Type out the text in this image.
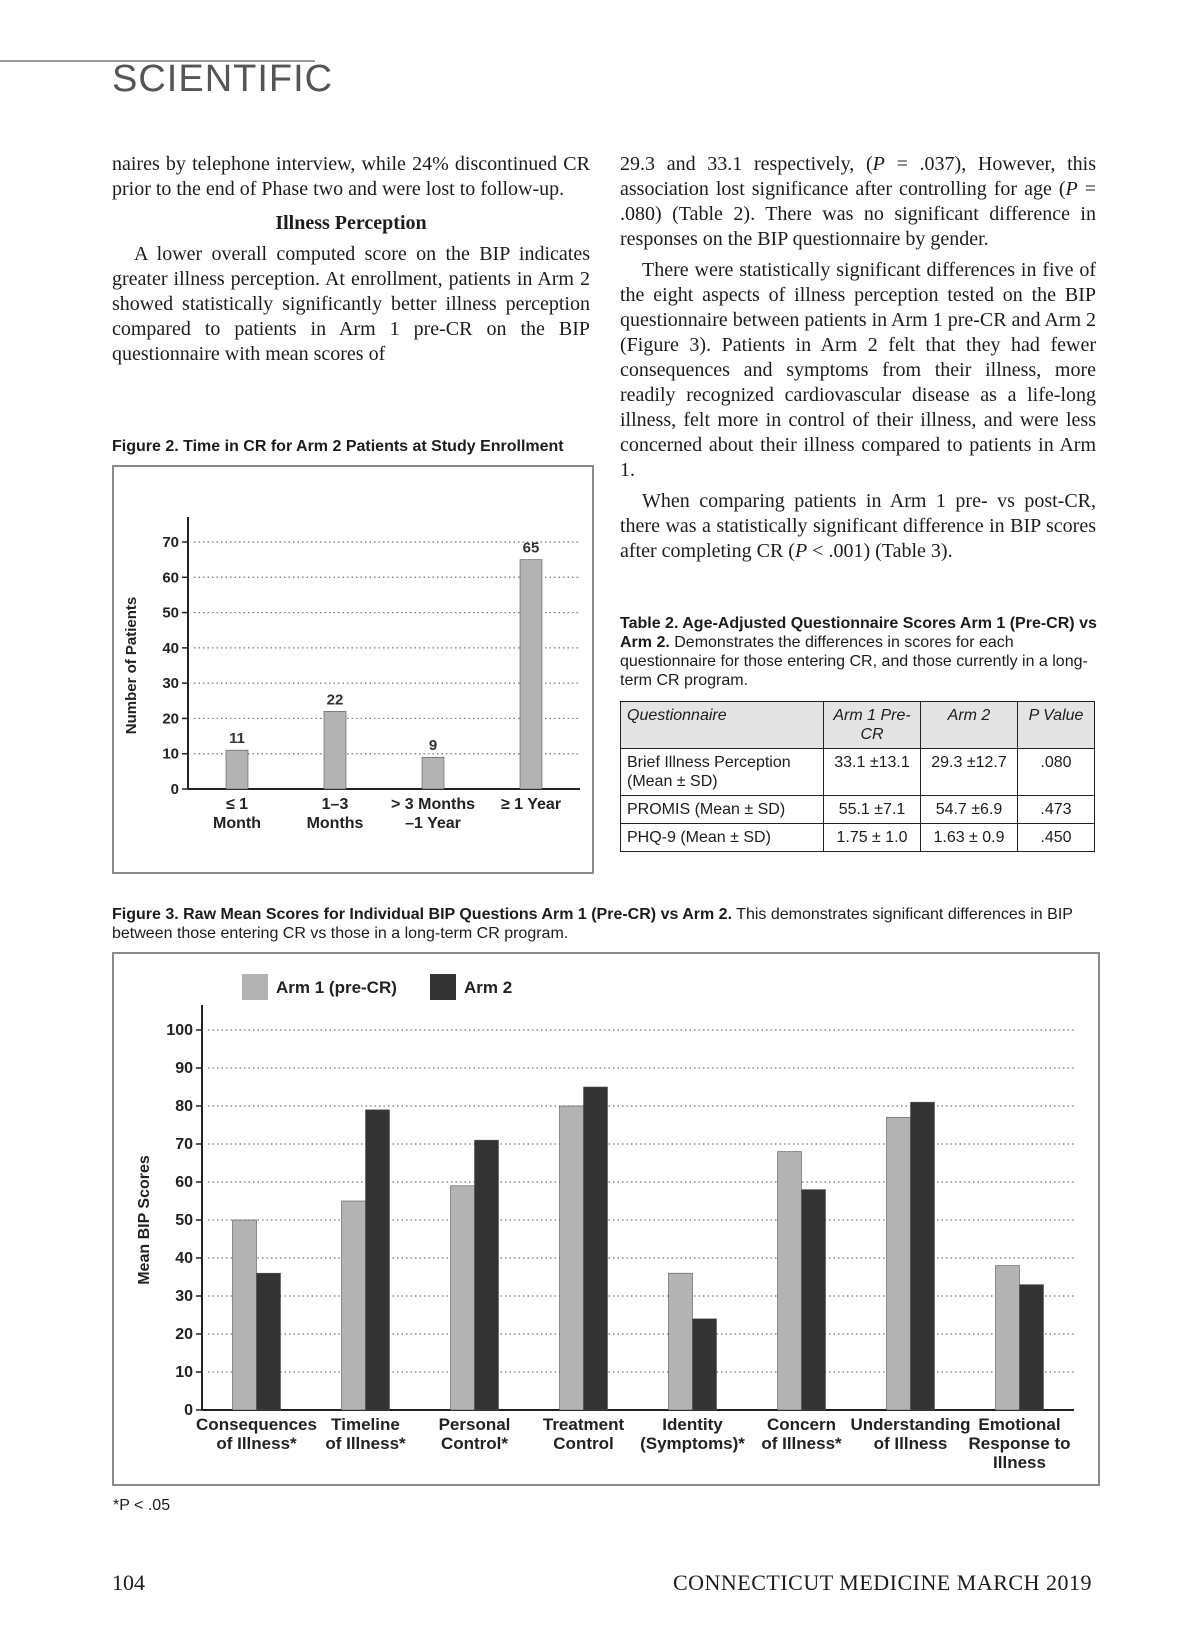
SCIENTIFIC

naires by telephone interview, while 24% discontinued CR prior to the end of Phase two and were lost to follow-up.

Illness Perception

A lower overall computed score on the BIP indicates greater illness perception. At enrollment, patients in Arm 2 showed statistically significantly better illness perception compared to patients in Arm 1 pre-CR on the BIP questionnaire with mean scores of

29.3 and 33.1 respectively, (P = .037), However, this association lost significance after controlling for age (P = .080) (Table 2). There was no significant difference in responses on the BIP questionnaire by gender.

There were statistically significant differences in five of the eight aspects of illness perception tested on the BIP questionnaire between patients in Arm 1 pre-CR and Arm 2 (Figure 3). Patients in Arm 2 felt that they had fewer consequences and symptoms from their illness, more readily recognized cardiovascular disease as a life-long illness, felt more in control of their illness, and were less concerned about their illness compared to patients in Arm 1.

When comparing patients in Arm 1 pre- vs post-CR, there was a statistically significant difference in BIP scores after completing CR (P < .001) (Table 3).

Figure 2. Time in CR for Arm 2 Patients at Study Enrollment
0
10
20
30
40
50
60
70
Number of Patients
11
≤ 1
Month
22
1–3
Months
9
> 3 Months
–1 Year
65
≥ 1 Year
Table 2. Age-Adjusted Questionnaire Scores Arm 1 (Pre-CR) vs Arm 2. Demonstrates the differences in scores for each questionnaire for those entering CR, and those currently in a long-term CR program.
Questionnaire	Arm 1 Pre-CR	Arm 2	P Value
Brief Illness Perception (Mean ± SD)	33.1 ±13.1	29.3 ±12.7	.080
PROMIS (Mean ± SD)	55.1 ±7.1	54.7 ±6.9	.473
PHQ-9 (Mean ± SD)	1.75 ± 1.0	1.63 ± 0.9	.450
Figure 3. Raw Mean Scores for Individual BIP Questions Arm 1 (Pre-CR) vs Arm 2. This demonstrates significant differences in BIP between those entering CR vs those in a long-term CR program.
0
10
20
30
40
50
60
70
80
90
100
Mean BIP Scores
Consequences
of Illness*
Timeline
of Illness*
Personal
Control*
Treatment
Control
Identity
(Symptoms)*
Concern
of Illness*
Understanding
of Illness
Emotional
Response to
Illness
Arm 1 (pre-CR)	Arm 2
*P < .05
104	CONNECTICUT MEDICINE MARCH 2019
